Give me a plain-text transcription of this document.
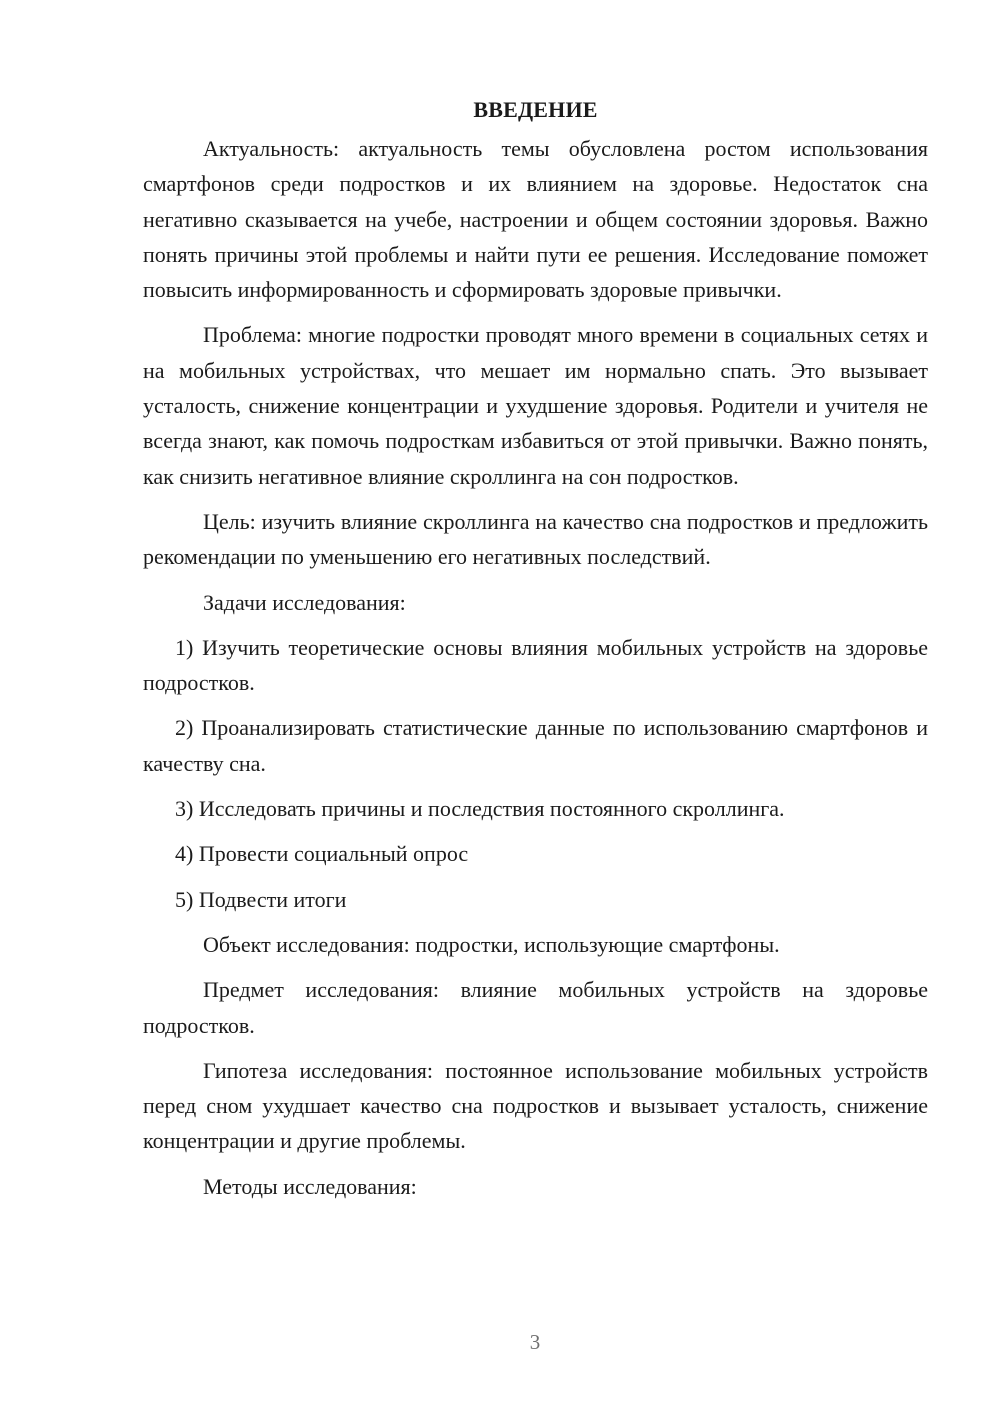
ВВЕДЕНИЕ

Актуальность: актуальность темы обусловлена ростом использования смартфонов среди подростков и их влиянием на здоровье. Недостаток сна негативно сказывается на учебе, настроении и общем состоянии здоровья. Важно понять причины этой проблемы и найти пути ее решения. Исследование поможет повысить информированность и сформировать здоровые привычки.

Проблема: многие подростки проводят много времени в социальных сетях и на мобильных устройствах, что мешает им нормально спать. Это вызывает усталость, снижение концентрации и ухудшение здоровья. Родители и учителя не всегда знают, как помочь подросткам избавиться от этой привычки. Важно понять, как снизить негативное влияние скроллинга на сон подростков.

Цель: изучить влияние скроллинга на качество сна подростков и предложить рекомендации по уменьшению его негативных последствий.

Задачи исследования:

1) Изучить теоретические основы влияния мобильных устройств на здоровье подростков.

2) Проанализировать статистические данные по использованию смартфонов и качеству сна.

3) Исследовать причины и последствия постоянного скроллинга.

4) Провести социальный опрос

5) Подвести итоги

Объект исследования: подростки, использующие смартфоны.

Предмет исследования: влияние мобильных устройств на здоровье подростков.

Гипотеза исследования: постоянное использование мобильных устройств перед сном ухудшает качество сна подростков и вызывает усталость, снижение концентрации и другие проблемы.

Методы исследования:

3
